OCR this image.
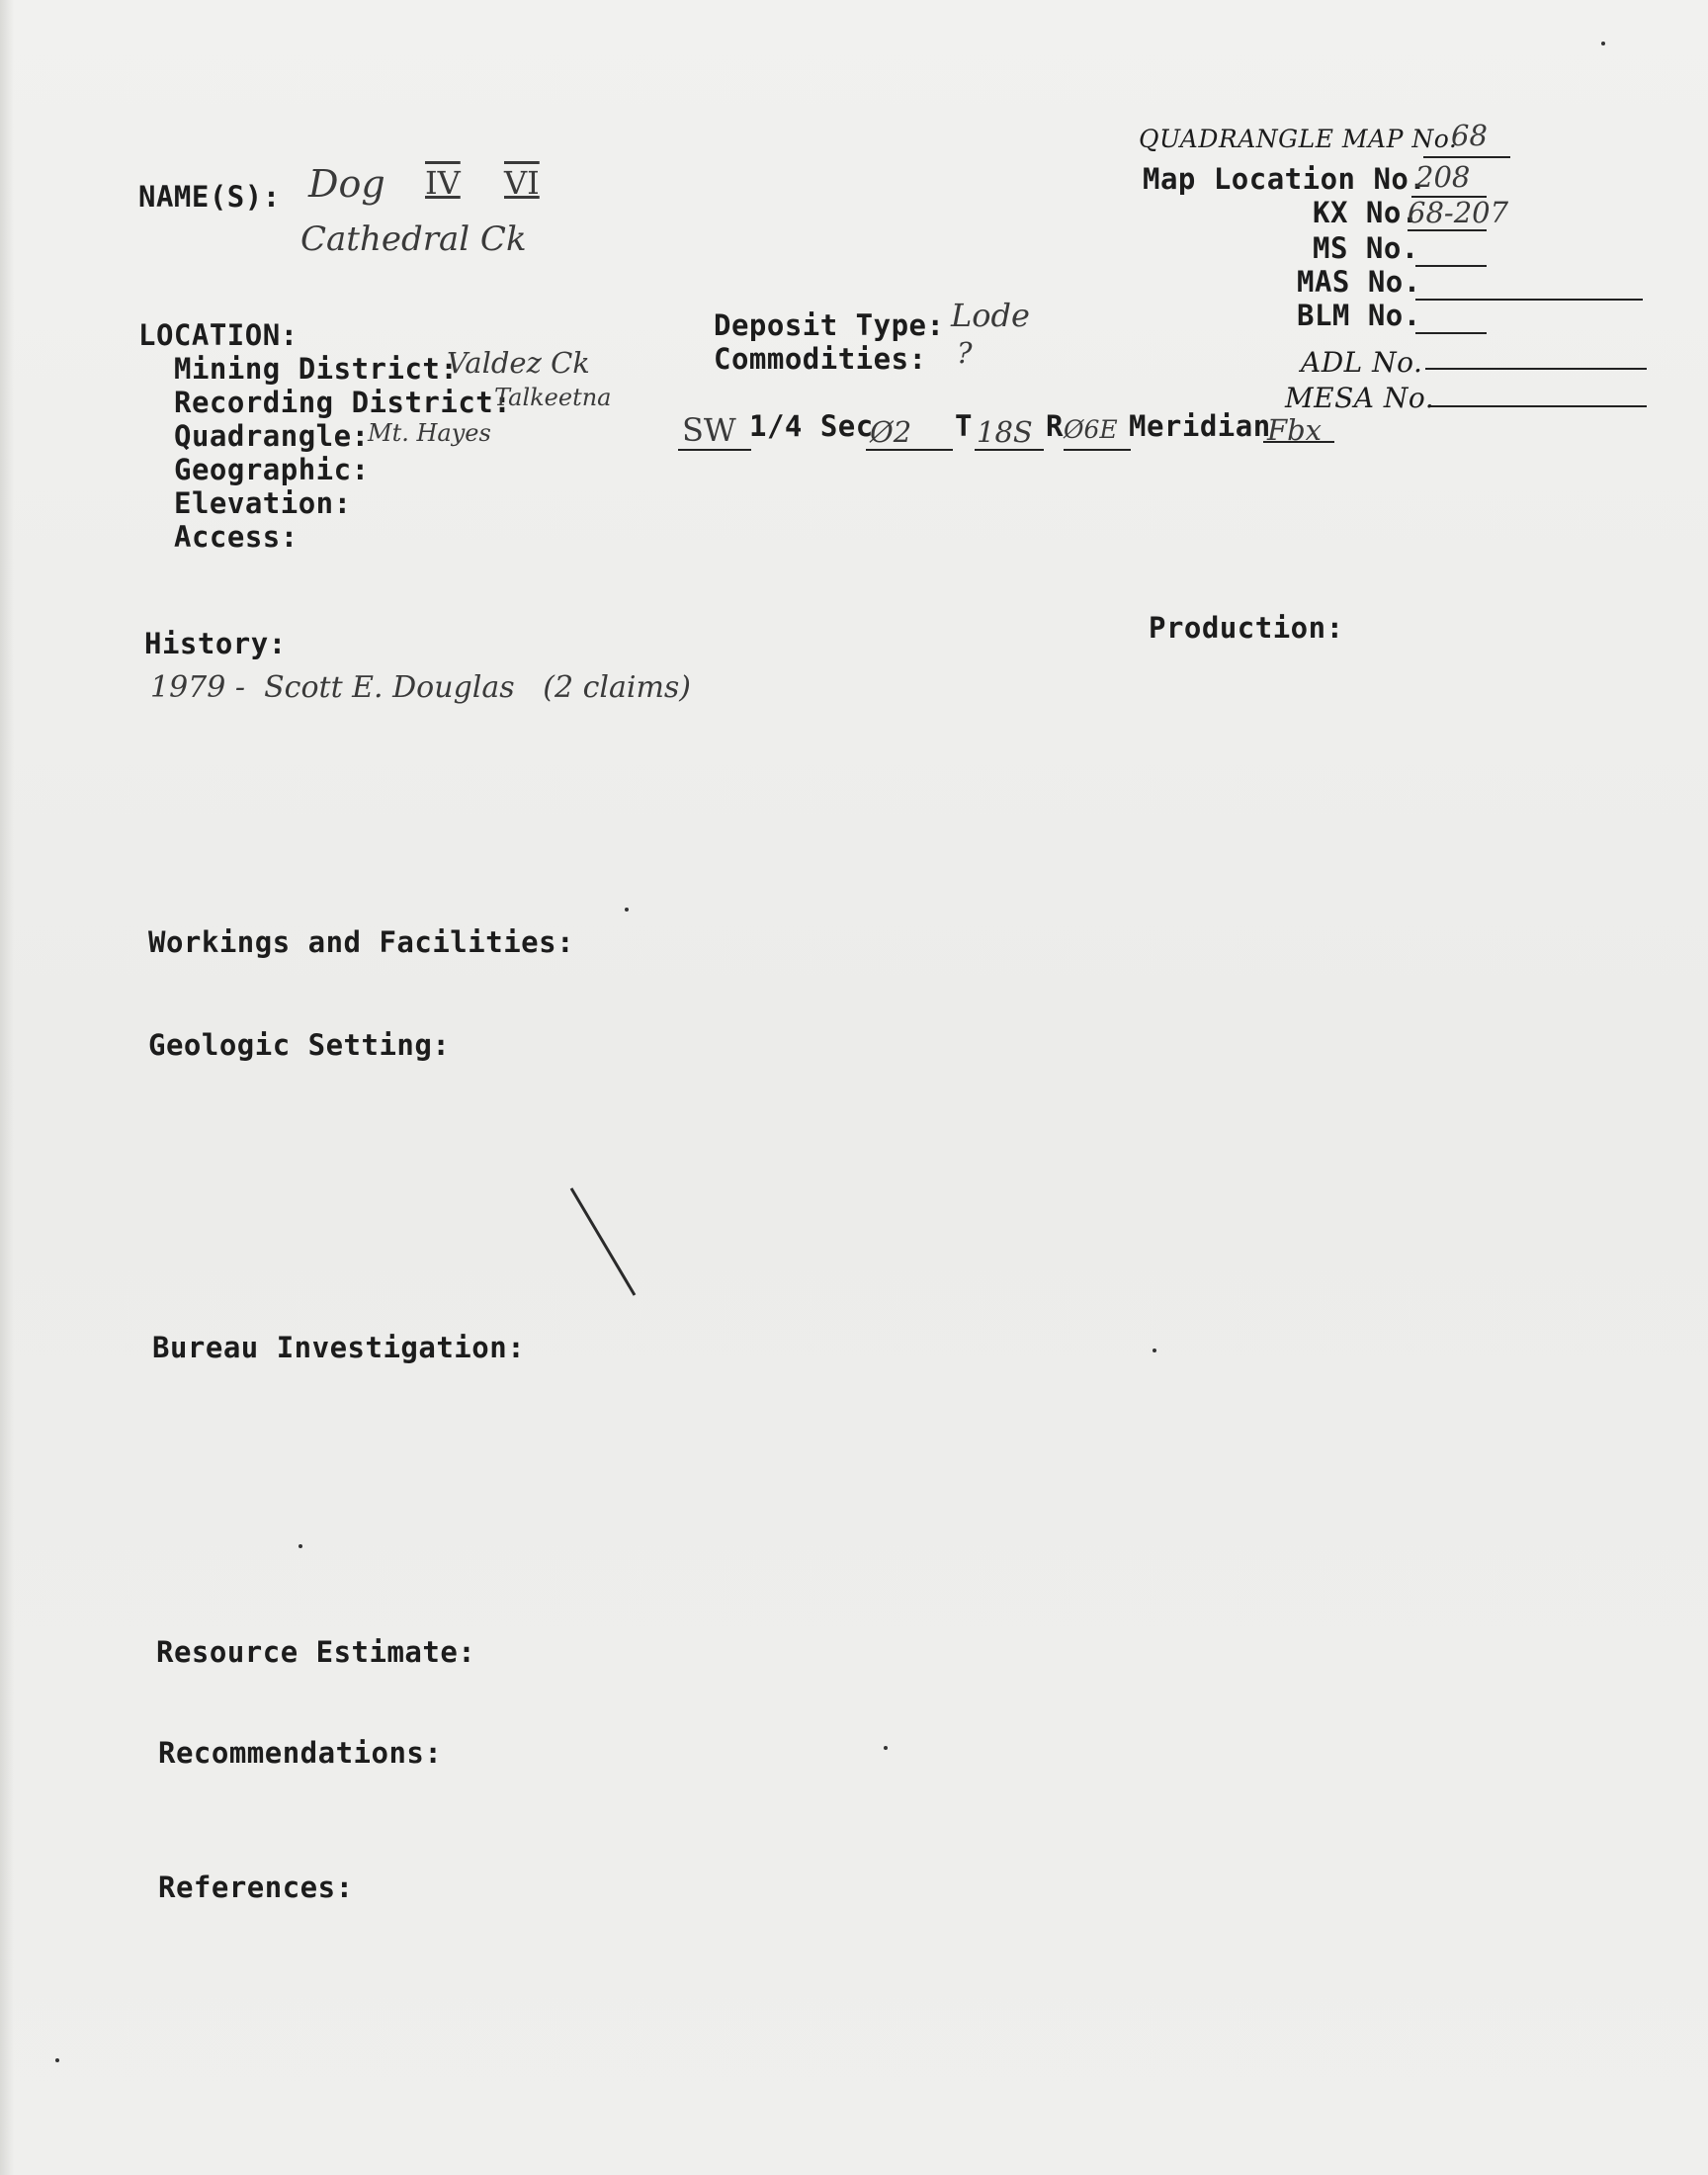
QUADRANGLE MAP No.
68
Map Location No.
208
KX No.
68-207
MS No.
MAS No.
BLM No.
ADL No.
MESA No.
NAME(S): Dog IV VI
Cathedral Ck
LOCATION:
Mining District:
Valdez Ck
Recording District:
Talkeetna
Quadrangle:
Mt. Hayes
Geographic:
Elevation:
Access:
Deposit Type: Lode
Commodities: ?
SW 1/4 Sec
Ø2 T 18S R Ø6E Meridian
Fbx
History:
1979 -  Scott E. Douglas   (2 claims)
Production:
Workings and Facilities:
Geologic Setting:
Bureau Investigation:
Resource Estimate:
Recommendations:
References:
